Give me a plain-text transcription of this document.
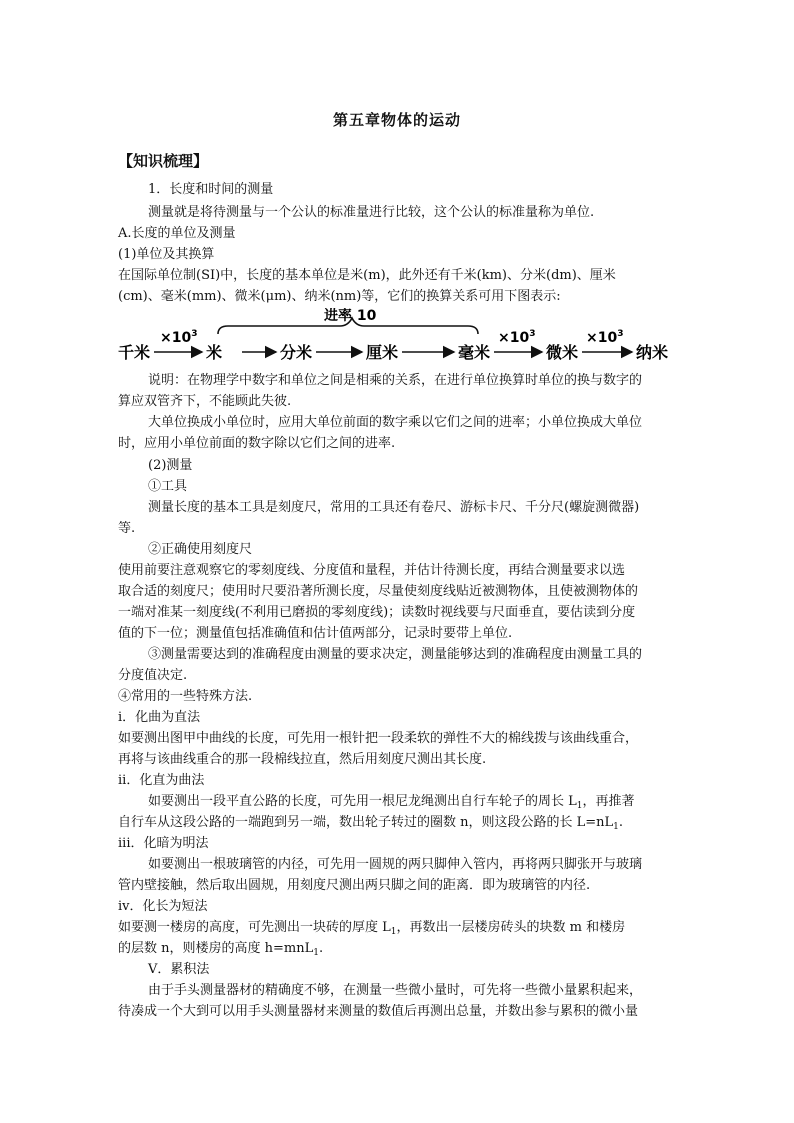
第五章物体的运动
【知识梳理】
1．长度和时间的测量
测量就是将待测量与一个公认的标准量进行比较，这个公认的标准量称为单位.
A.长度的单位及测量
(1)单位及其换算
在国际单位制(SI)中，长度的基本单位是米(m)，此外还有千米(km)、分米(dm)、厘米
(cm)、毫米(mm)、微米(μm)、纳米(nm)等，它们的换算关系可用下图表示:
进率 10
千米	米	分米	厘米	毫米	微米	纳米
$\times 10^3$	$\times 10^3$	$\times 10^3$
说明：在物理学中数字和单位之间是相乘的关系，在进行单位换算时单位的换与数字的
算应双管齐下，不能顾此失彼.
大单位换成小单位时，应用大单位前面的数字乘以它们之间的进率；小单位换成大单位
时，应用小单位前面的数字除以它们之间的进率.
(2)测量
①工具
测量长度的基本工具是刻度尺，常用的工具还有卷尺、游标卡尺、千分尺(螺旋测微器)
等.
②正确使用刻度尺
使用前要注意观察它的零刻度线、分度值和量程，并估计待测长度，再结合测量要求以选
取合适的刻度尺；使用时尺要沿著所测长度，尽量使刻度线贴近被测物体，且使被测物体的
一端对准某一刻度线(不利用已磨损的零刻度线)；读数时视线要与尺面垂直，要估读到分度
值的下一位；测量值包括准确值和估计值两部分，记录时要带上单位.
③测量需要达到的准确程度由测量的要求决定，测量能够达到的准确程度由测量工具的
分度值决定.
④常用的一些特殊方法.
i．化曲为直法
如要测出图甲中曲线的长度，可先用一根针把一段柔软的弹性不大的棉线拨与该曲线重合，
再将与该曲线重合的那一段棉线拉直，然后用刻度尺测出其长度.
ii．化直为曲法
如要测出一段平直公路的长度，可先用一根尼龙绳测出自行车轮子的周长 $L_1$，再推著
自行车从这段公路的一端跑到另一端，数出轮子转过的圈数 n，则这段公路的长 $L=nL_1$.
iii．化暗为明法
如要测出一根玻璃管的内径，可先用一圆规的两只脚伸入管内，再将两只脚张开与玻璃
管内壁接触，然后取出圆规，用刻度尺测出两只脚之间的距离．即为玻璃管的内径.
iv．化长为短法
如要测一楼房的高度，可先测出一块砖的厚度 $L_1$，再数出一层楼房砖头的块数 m 和楼房
的层数 n，则楼房的高度 h=mnL$_1$.
V．累积法
由于手头测量器材的精确度不够，在测量一些微小量时，可先将一些微小量累积起来，
待凑成一个大到可以用手头测量器材来测量的数值后再测出总量，并数出参与累积的微小量
